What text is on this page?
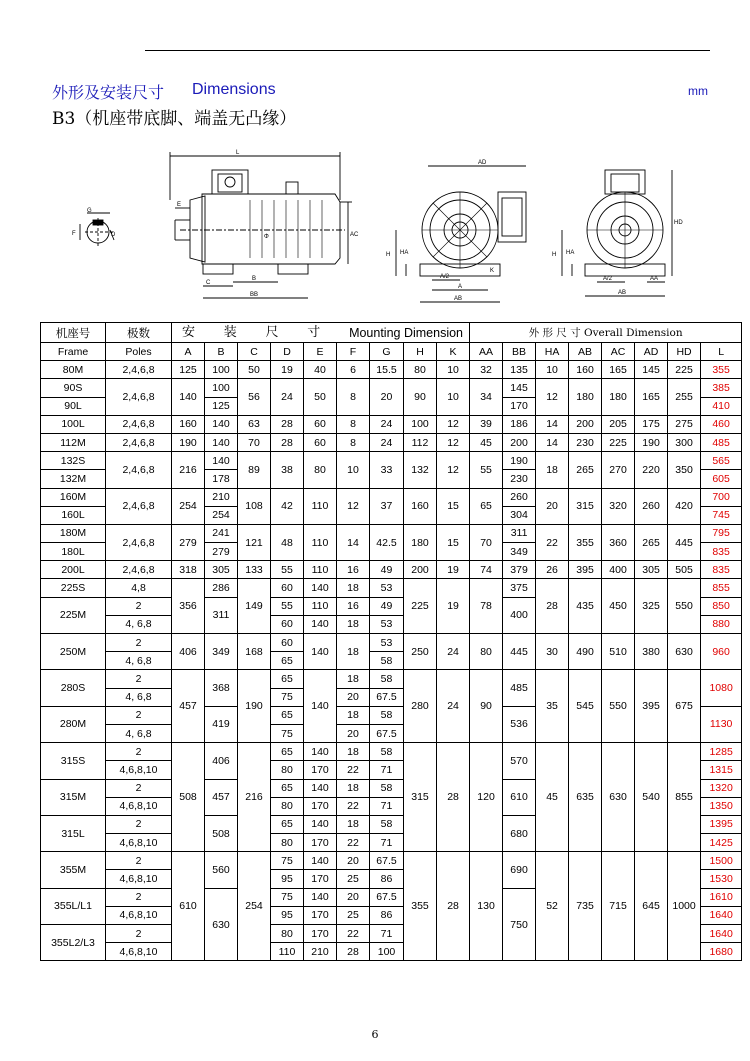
外形及安装尺寸 Dimensions	mm
B3（机座带底脚、端盖无凸缘）
G
F	D
L
AC
E
C
B
BB
Φ
AD
H HA
K
A/2
A
AB
HD
H HA
A/2	AA
AB
机座号	极数	安 装 尺 寸 Mounting Dimension									外 形 尺 寸 Overall Dimension							
Frame	Poles	A	B	C	D	E	F	G	H	K	AA	BB	HA	AB	AC	AD	HD	L
80M	2,4,6,8	125	100	50	19	40	6	15.5	80	10	32	135	10	160	165	145	225	355
90S	2,4,6,8	140	100	56	24	50	8	20	90	10	34	145	12	180	180	165	255	385
90L			125									170						410
100L	2,4,6,8	160	140	63	28	60	8	24	100	12	39	186	14	200	205	175	275	460
112M	2,4,6,8	190	140	70	28	60	8	24	112	12	45	200	14	230	225	190	300	485
132S	2,4,6,8	216	140	89	38	80	10	33	132	12	55	190	18	265	270	220	350	565
132M			178									230						605
160M	2,4,6,8	254	210	108	42	110	12	37	160	15	65	260	20	315	320	260	420	700
160L			254									304						745
180M	2,4,6,8	279	241	121	48	110	14	42.5	180	15	70	311	22	355	360	265	445	795
180L			279									349						835
200L	2,4,6,8	318	305	133	55	110	16	49	200	19	74	379	26	395	400	305	505	835
225S	4,8	356	286	149	60	140	18	53	225	19	78	375	28	435	450	325	550	855
225M	2		311		55	110	16	49				400						850
	4, 6,8				60	140	18	53										880
250M	2	406	349	168	60	140	18	53	250	24	80	445	30	490	510	380	630	960
	4, 6,8				65			58										
280S	2	457	368	190	65	140	18	58	280	24	90	485	35	545	550	395	675	1080
	4, 6,8				75		20	67.5										
280M	2		419		65		18	58				536						1130
	4, 6,8				75		20	67.5										
315S	2	508	406	216	65	140	18	58	315	28	120	570	45	635	630	540	855	1285
	4,6,8,10				80	170	22	71										1315
315M	2		457		65	140	18	58				610						1320
	4,6,8,10				80	170	22	71										1350
315L	2		508		65	140	18	58				680						1395
	4,6,8,10				80	170	22	71										1425
355M	2	610	560	254	75	140	20	67.5	355	28	130	690	52	735	715	645	1000	1500
	4,6,8,10				95	170	25	86										1530
355L/L1	2		630		75	140	20	67.5				750						1610
	4,6,8,10				95	170	25	86										1640
355L2/L3	2				80	170	22	71										1640
	4,6,8,10				110	210	28	100										1680
6
